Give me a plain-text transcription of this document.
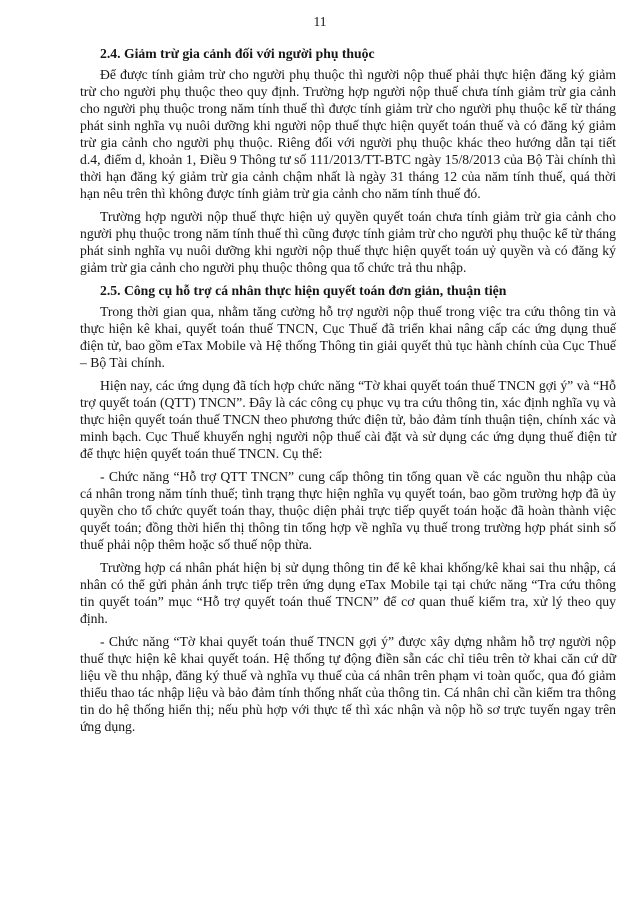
11
2.4. Giảm trừ gia cảnh đối với người phụ thuộc

Để được tính giảm trừ cho người phụ thuộc thì người nộp thuế phải thực hiện đăng ký giảm trừ cho người phụ thuộc theo quy định. Trường hợp người nộp thuế chưa tính giảm trừ gia cảnh cho người phụ thuộc trong năm tính thuế thì được tính giảm trừ cho người phụ thuộc kể từ tháng phát sinh nghĩa vụ nuôi dưỡng khi người nộp thuế thực hiện quyết toán thuế và có đăng ký giảm trừ gia cảnh cho người phụ thuộc. Riêng đối với người phụ thuộc khác theo hướng dẫn tại tiết d.4, điểm d, khoản 1, Điều 9 Thông tư số 111/2013/TT-BTC ngày 15/8/2013 của Bộ Tài chính thì thời hạn đăng ký giảm trừ gia cảnh chậm nhất là ngày 31 tháng 12 của năm tính thuế, quá thời hạn nêu trên thì không được tính giảm trừ gia cảnh cho năm tính thuế đó.

Trường hợp người nộp thuế thực hiện uỷ quyền quyết toán chưa tính giảm trừ gia cảnh cho người phụ thuộc trong năm tính thuế thì cũng được tính giảm trừ cho người phụ thuộc kể từ tháng phát sinh nghĩa vụ nuôi dưỡng khi người nộp thuế thực hiện quyết toán uỷ quyền và có đăng ký giảm trừ gia cảnh cho người phụ thuộc thông qua tổ chức trả thu nhập.

2.5. Công cụ hỗ trợ cá nhân thực hiện quyết toán đơn giản, thuận tiện

Trong thời gian qua, nhằm tăng cường hỗ trợ người nộp thuế trong việc tra cứu thông tin và thực hiện kê khai, quyết toán thuế TNCN, Cục Thuế đã triển khai nâng cấp các ứng dụng thuế điện tử, bao gồm eTax Mobile và Hệ thống Thông tin giải quyết thủ tục hành chính của Cục Thuế – Bộ Tài chính.

Hiện nay, các ứng dụng đã tích hợp chức năng “Tờ khai quyết toán thuế TNCN gợi ý” và “Hỗ trợ quyết toán (QTT) TNCN”. Đây là các công cụ phục vụ tra cứu thông tin, xác định nghĩa vụ và thực hiện quyết toán thuế TNCN theo phương thức điện tử, bảo đảm tính thuận tiện, chính xác và minh bạch. Cục Thuế khuyến nghị người nộp thuế cài đặt và sử dụng các ứng dụng thuế điện tử để thực hiện quyết toán thuế TNCN. Cụ thể:

- Chức năng “Hỗ trợ QTT TNCN” cung cấp thông tin tổng quan về các nguồn thu nhập của cá nhân trong năm tính thuế; tình trạng thực hiện nghĩa vụ quyết toán, bao gồm trường hợp đã ủy quyền cho tổ chức quyết toán thay, thuộc diện phải trực tiếp quyết toán hoặc đã hoàn thành việc quyết toán; đồng thời hiển thị thông tin tổng hợp về nghĩa vụ thuế trong trường hợp phát sinh số thuế phải nộp thêm hoặc số thuế nộp thừa.

Trường hợp cá nhân phát hiện bị sử dụng thông tin để kê khai khống/kê khai sai thu nhập, cá nhân có thể gửi phản ánh trực tiếp trên ứng dụng eTax Mobile tại tại chức năng “Tra cứu thông tin quyết toán” mục “Hỗ trợ quyết toán thuế TNCN” để cơ quan thuế kiểm tra, xử lý theo quy định.

- Chức năng “Tờ khai quyết toán thuế TNCN gợi ý” được xây dựng nhằm hỗ trợ người nộp thuế thực hiện kê khai quyết toán. Hệ thống tự động điền sẵn các chỉ tiêu trên tờ khai căn cứ dữ liệu về thu nhập, đăng ký thuế và nghĩa vụ thuế của cá nhân trên phạm vi toàn quốc, qua đó giảm thiểu thao tác nhập liệu và bảo đảm tính thống nhất của thông tin. Cá nhân chỉ cần kiểm tra thông tin do hệ thống hiển thị; nếu phù hợp với thực tế thì xác nhận và nộp hồ sơ trực tuyến ngay trên ứng dụng.
